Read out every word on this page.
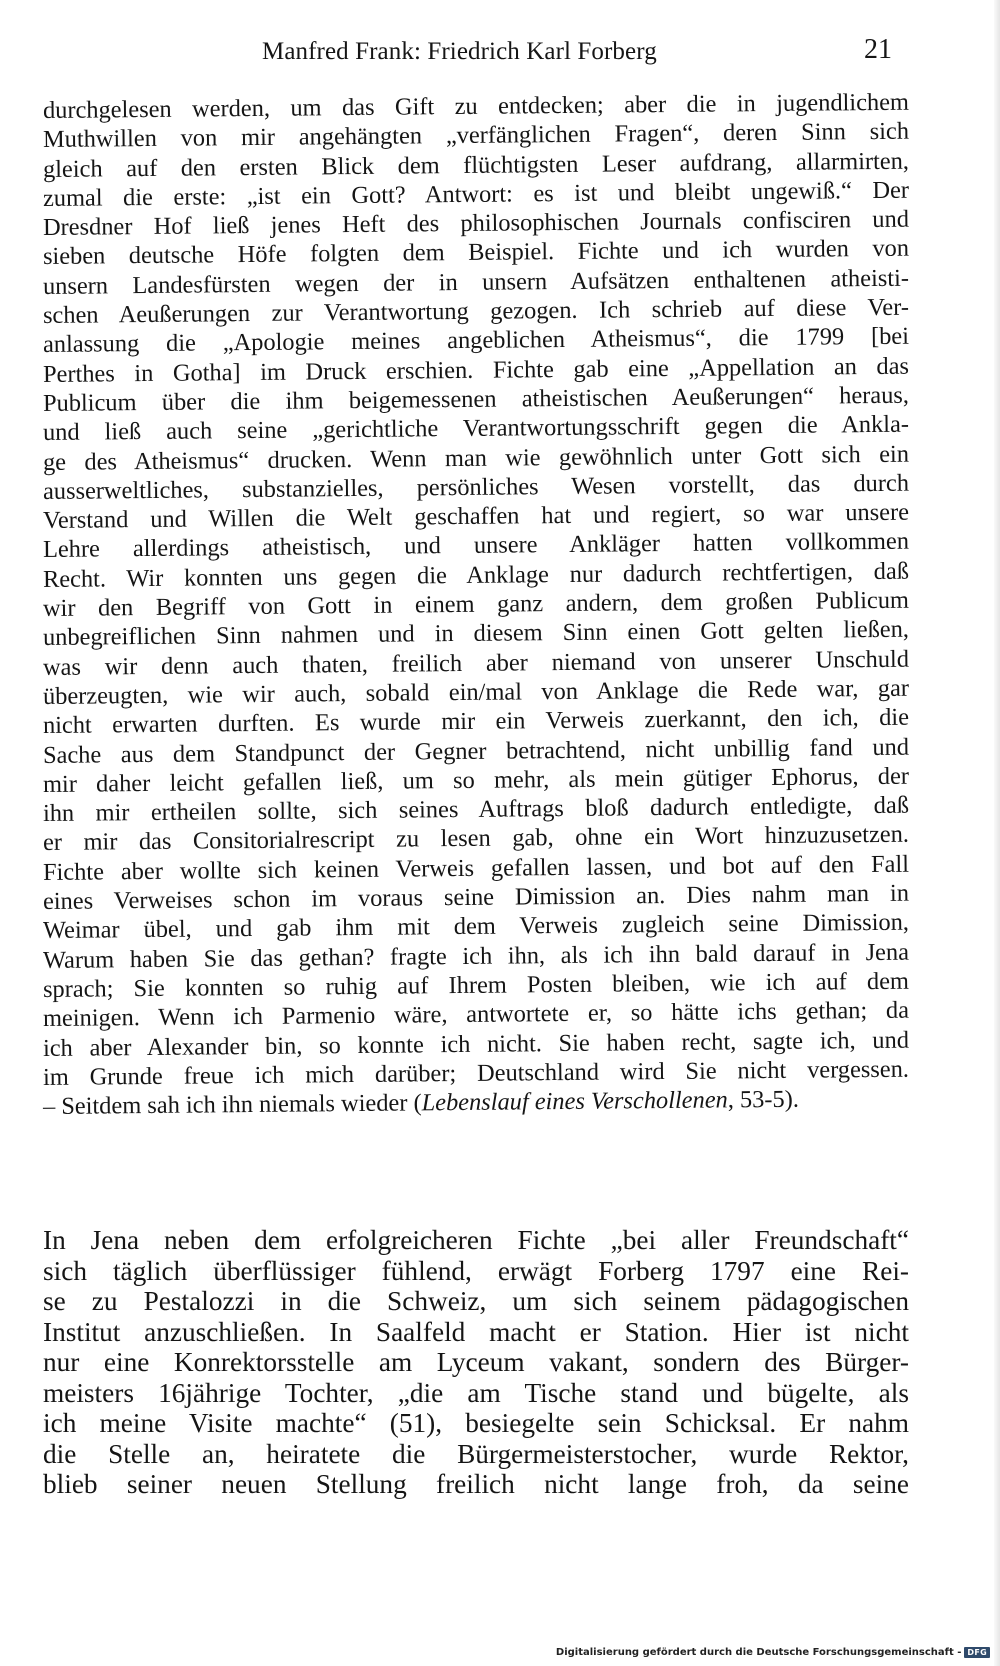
Manfred Frank: Friedrich Karl Forberg	21
durchgelesen werden, um das Gift zu entdecken; aber die in jugendlichem
Muthwillen von mir angehängten „verfänglichen Fragen“, deren Sinn sich
gleich auf den ersten Blick dem flüchtigsten Leser aufdrang, allarmirten,
zumal die erste: „ist ein Gott? Antwort: es ist und bleibt ungewiß.“ Der
Dresdner Hof ließ jenes Heft des philosophischen Journals confisciren und
sieben deutsche Höfe folgten dem Beispiel. Fichte und ich wurden von
unsern Landesfürsten wegen der in unsern Aufsätzen enthaltenen atheisti-
schen Aeußerungen zur Verantwortung gezogen. Ich schrieb auf diese Ver-
anlassung die „Apologie meines angeblichen Atheismus“, die 1799 [bei
Perthes in Gotha] im Druck erschien. Fichte gab eine „Appellation an das
Publicum über die ihm beigemessenen atheistischen Aeußerungen“ heraus,
und ließ auch seine „gerichtliche Verantwortungsschrift gegen die Ankla-
ge des Atheismus“ drucken. Wenn man wie gewöhnlich unter Gott sich ein
ausserweltliches, substanzielles, persönliches Wesen vorstellt, das durch
Verstand und Willen die Welt geschaffen hat und regiert, so war unsere
Lehre allerdings atheistisch, und unsere Ankläger hatten vollkommen
Recht. Wir konnten uns gegen die Anklage nur dadurch rechtfertigen, daß
wir den Begriff von Gott in einem ganz andern, dem großen Publicum
unbegreiflichen Sinn nahmen und in diesem Sinn einen Gott gelten ließen,
was wir denn auch thaten, freilich aber niemand von unserer Unschuld
überzeugten, wie wir auch, sobald ein/mal von Anklage die Rede war, gar
nicht erwarten durften. Es wurde mir ein Verweis zuerkannt, den ich, die
Sache aus dem Standpunct der Gegner betrachtend, nicht unbillig fand und
mir daher leicht gefallen ließ, um so mehr, als mein gütiger Ephorus, der
ihn mir ertheilen sollte, sich seines Auftrags bloß dadurch entledigte, daß
er mir das Consitorialrescript zu lesen gab, ohne ein Wort hinzuzusetzen.
Fichte aber wollte sich keinen Verweis gefallen lassen, und bot auf den Fall
eines Verweises schon im voraus seine Dimission an. Dies nahm man in
Weimar übel, und gab ihm mit dem Verweis zugleich seine Dimission,
Warum haben Sie das gethan? fragte ich ihn, als ich ihn bald darauf in Jena
sprach; Sie konnten so ruhig auf Ihrem Posten bleiben, wie ich auf dem
meinigen. Wenn ich Parmenio wäre, antwortete er, so hätte ichs gethan; da
ich aber Alexander bin, so konnte ich nicht. Sie haben recht, sagte ich, und
im Grunde freue ich mich darüber; Deutschland wird Sie nicht vergessen.
– Seitdem sah ich ihn niemals wieder (Lebenslauf eines Verschollenen, 53-5).
In Jena neben dem erfolgreicheren Fichte „bei aller Freundschaft“
sich täglich überflüssiger fühlend, erwägt Forberg 1797 eine Rei-
se zu Pestalozzi in die Schweiz, um sich seinem pädagogischen
Institut anzuschließen. In Saalfeld macht er Station. Hier ist nicht
nur eine Konrektorsstelle am Lyceum vakant, sondern des Bürger-
meisters 16jährige Tochter, „die am Tische stand und bügelte, als
ich meine Visite machte“ (51), besiegelte sein Schicksal. Er nahm
die Stelle an, heiratete die Bürgermeisterstocher, wurde Rektor,
blieb seiner neuen Stellung freilich nicht lange froh, da seine
Digitalisierung gefördert durch die Deutsche Forschungsgemeinschaft - DFG
